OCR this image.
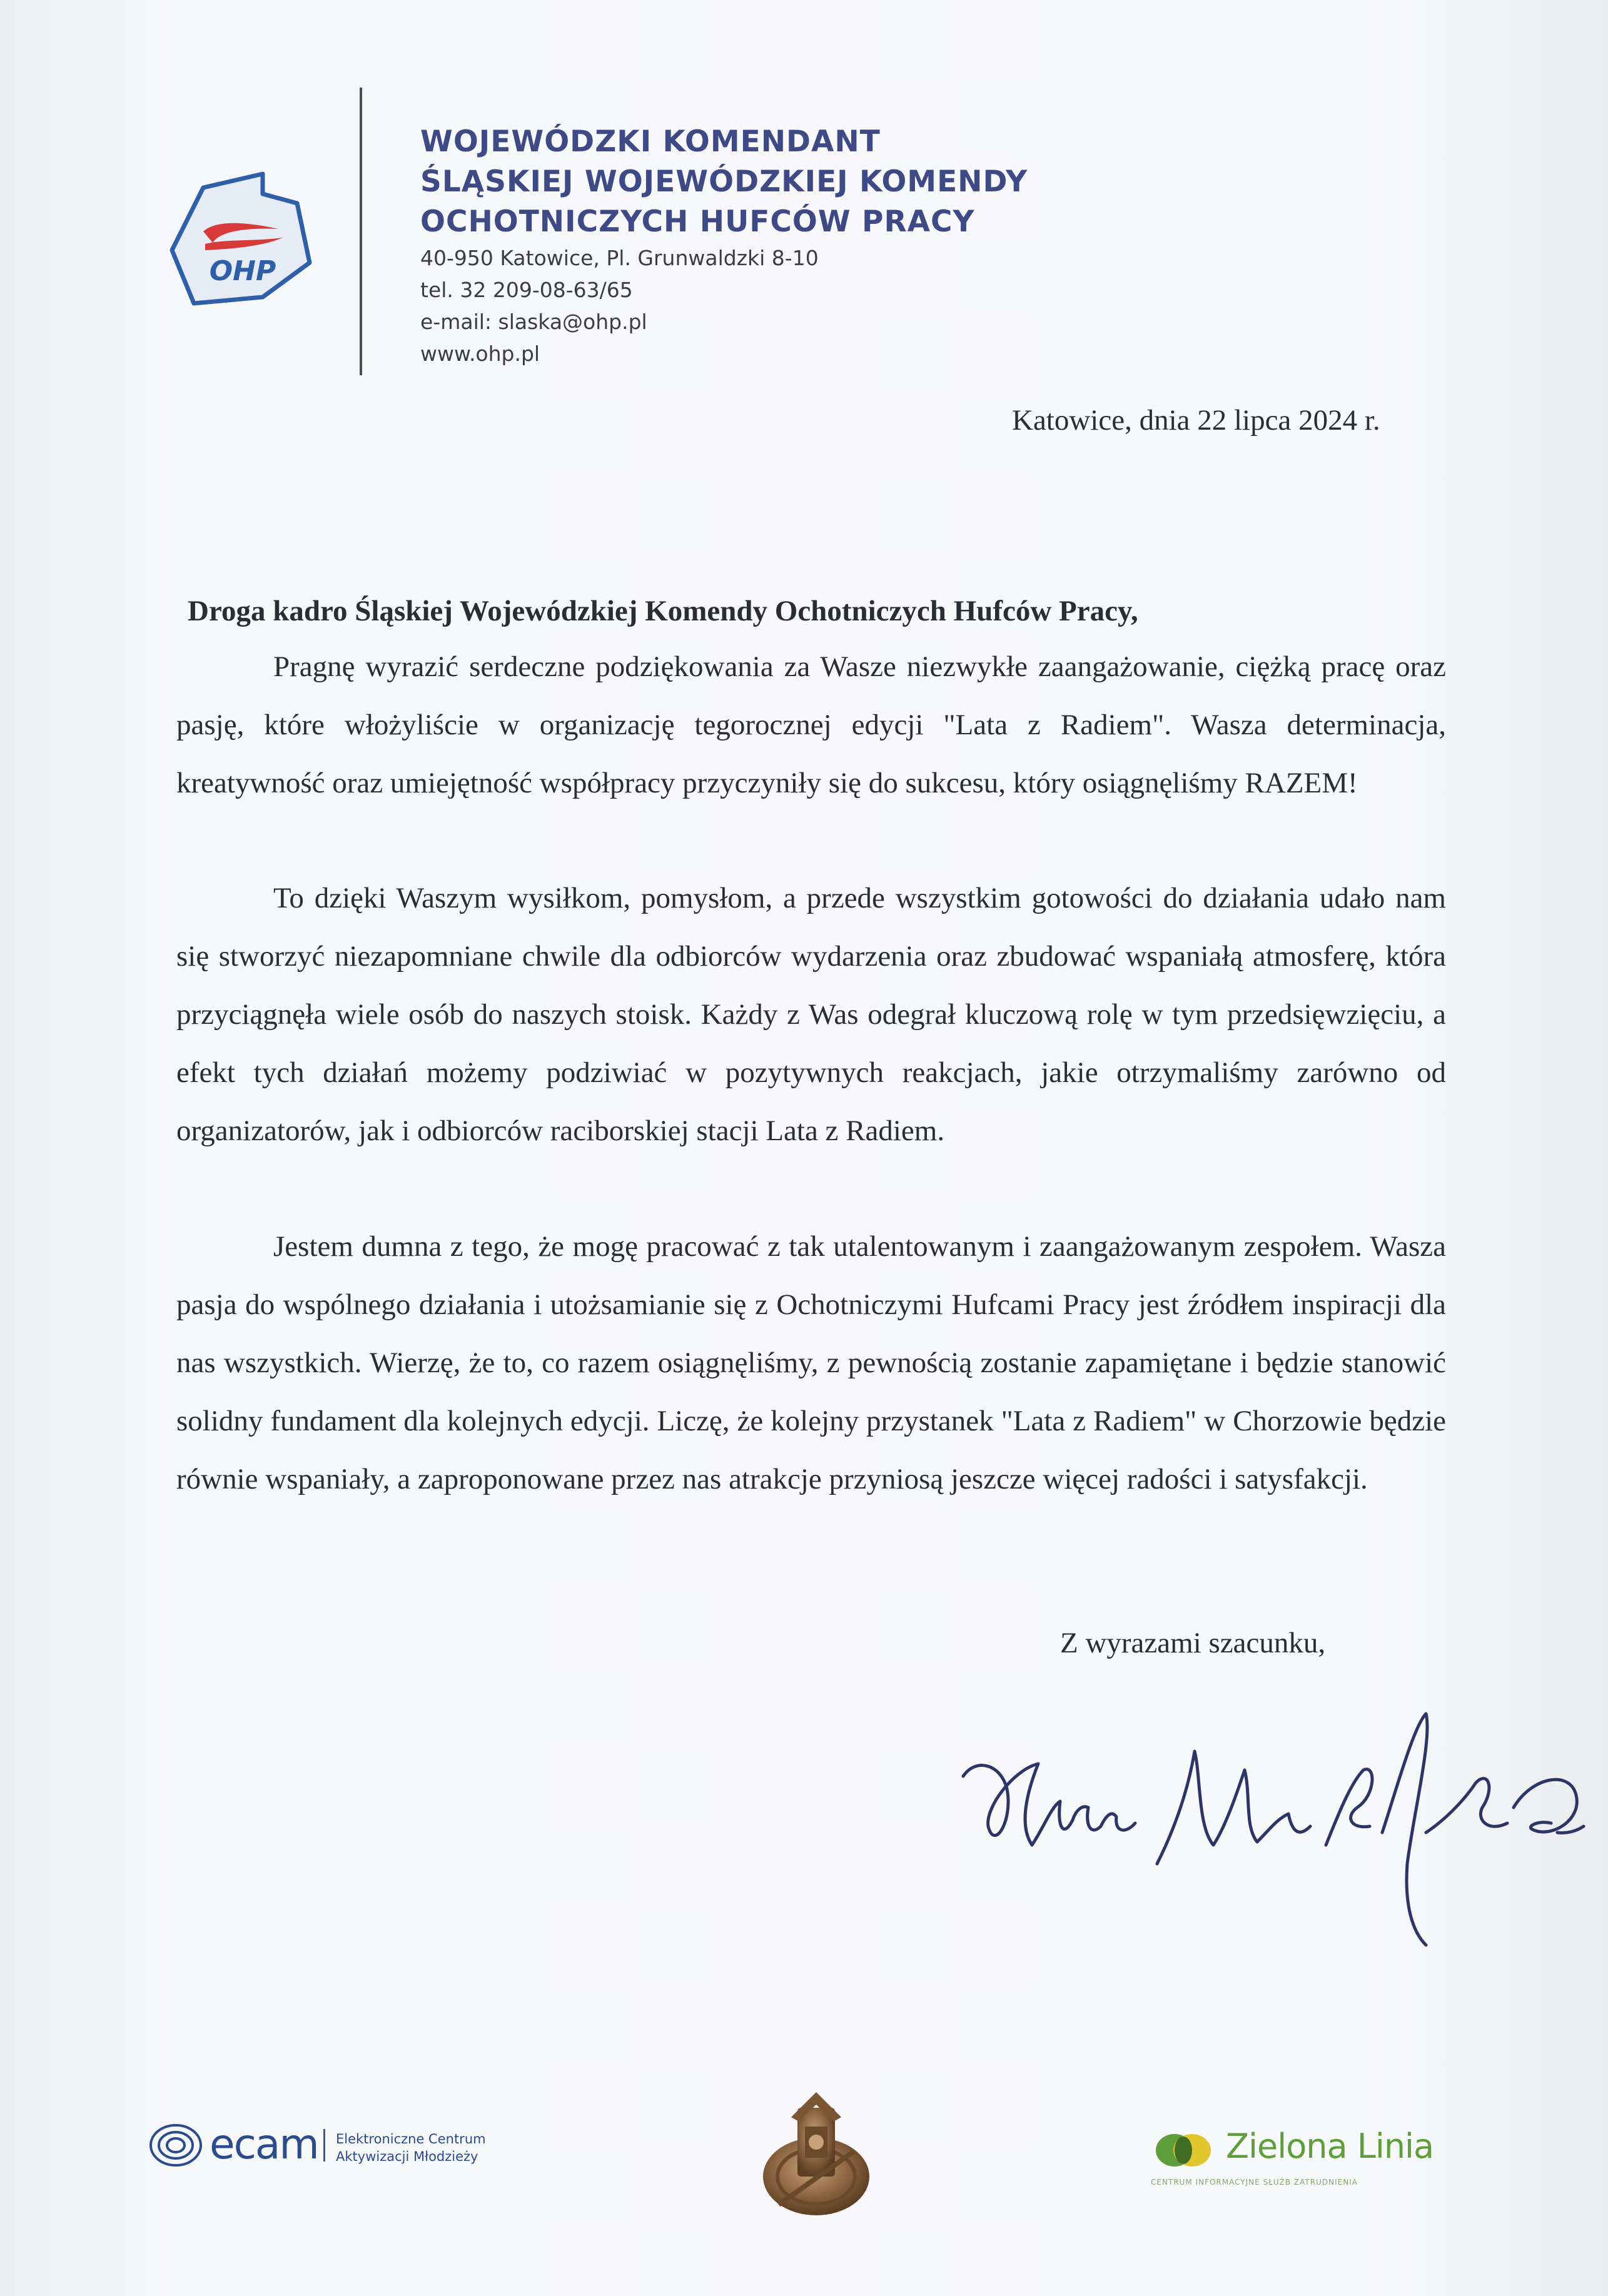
OHP
WOJEWÓDZKI KOMENDANT
ŚLĄSKIEJ WOJEWÓDZKIEJ KOMENDY
OCHOTNICZYCH HUFCÓW PRACY
40-950 Katowice, Pl. Grunwaldzki 8-10
tel. 32 209-08-63/65
e-mail: slaska@ohp.pl
www.ohp.pl
Katowice, dnia 22 lipca 2024 r.
Droga kadro Śląskiej Wojewódzkiej Komendy Ochotniczych Hufców Pracy,

Pragnę wyrazić serdeczne podziękowania za Wasze niezwykłe zaangażowanie, ciężką pracę oraz pasję, które włożyliście w organizację tegorocznej edycji "Lata z Radiem". Wasza determinacja, kreatywność oraz umiejętność współpracy przyczyniły się do sukcesu, który osiągnęliśmy RAZEM!

To dzięki Waszym wysiłkom, pomysłom, a przede wszystkim gotowości do działania udało nam się stworzyć niezapomniane chwile dla odbiorców wydarzenia oraz zbudować wspaniałą atmosferę, która przyciągnęła wiele osób do naszych stoisk. Każdy z Was odegrał kluczową rolę w tym przedsięwzięciu, a efekt tych działań możemy podziwiać w pozytywnych reakcjach, jakie otrzymaliśmy zarówno od organizatorów, jak i odbiorców raciborskiej stacji Lata z Radiem.

Jestem dumna z tego, że mogę pracować z tak utalentowanym i zaangażowanym zespołem. Wasza pasja do wspólnego działania i utożsamianie się z Ochotniczymi Hufcami Pracy jest źródłem inspiracji dla nas wszystkich. Wierzę, że to, co razem osiągnęliśmy, z pewnością zostanie zapamiętane i będzie stanowić solidny fundament dla kolejnych edycji. Liczę, że kolejny przystanek "Lata z Radiem" w Chorzowie będzie równie wspaniały, a zaproponowane przez nas atrakcje przyniosą jeszcze więcej radości i satysfakcji.

Z wyrazami szacunku,
ecam Elektroniczne Centrum
Aktywizacji Młodzieży	Zielona Linia
CENTRUM INFORMACYJNE SŁUŻB ZATRUDNIENIA
